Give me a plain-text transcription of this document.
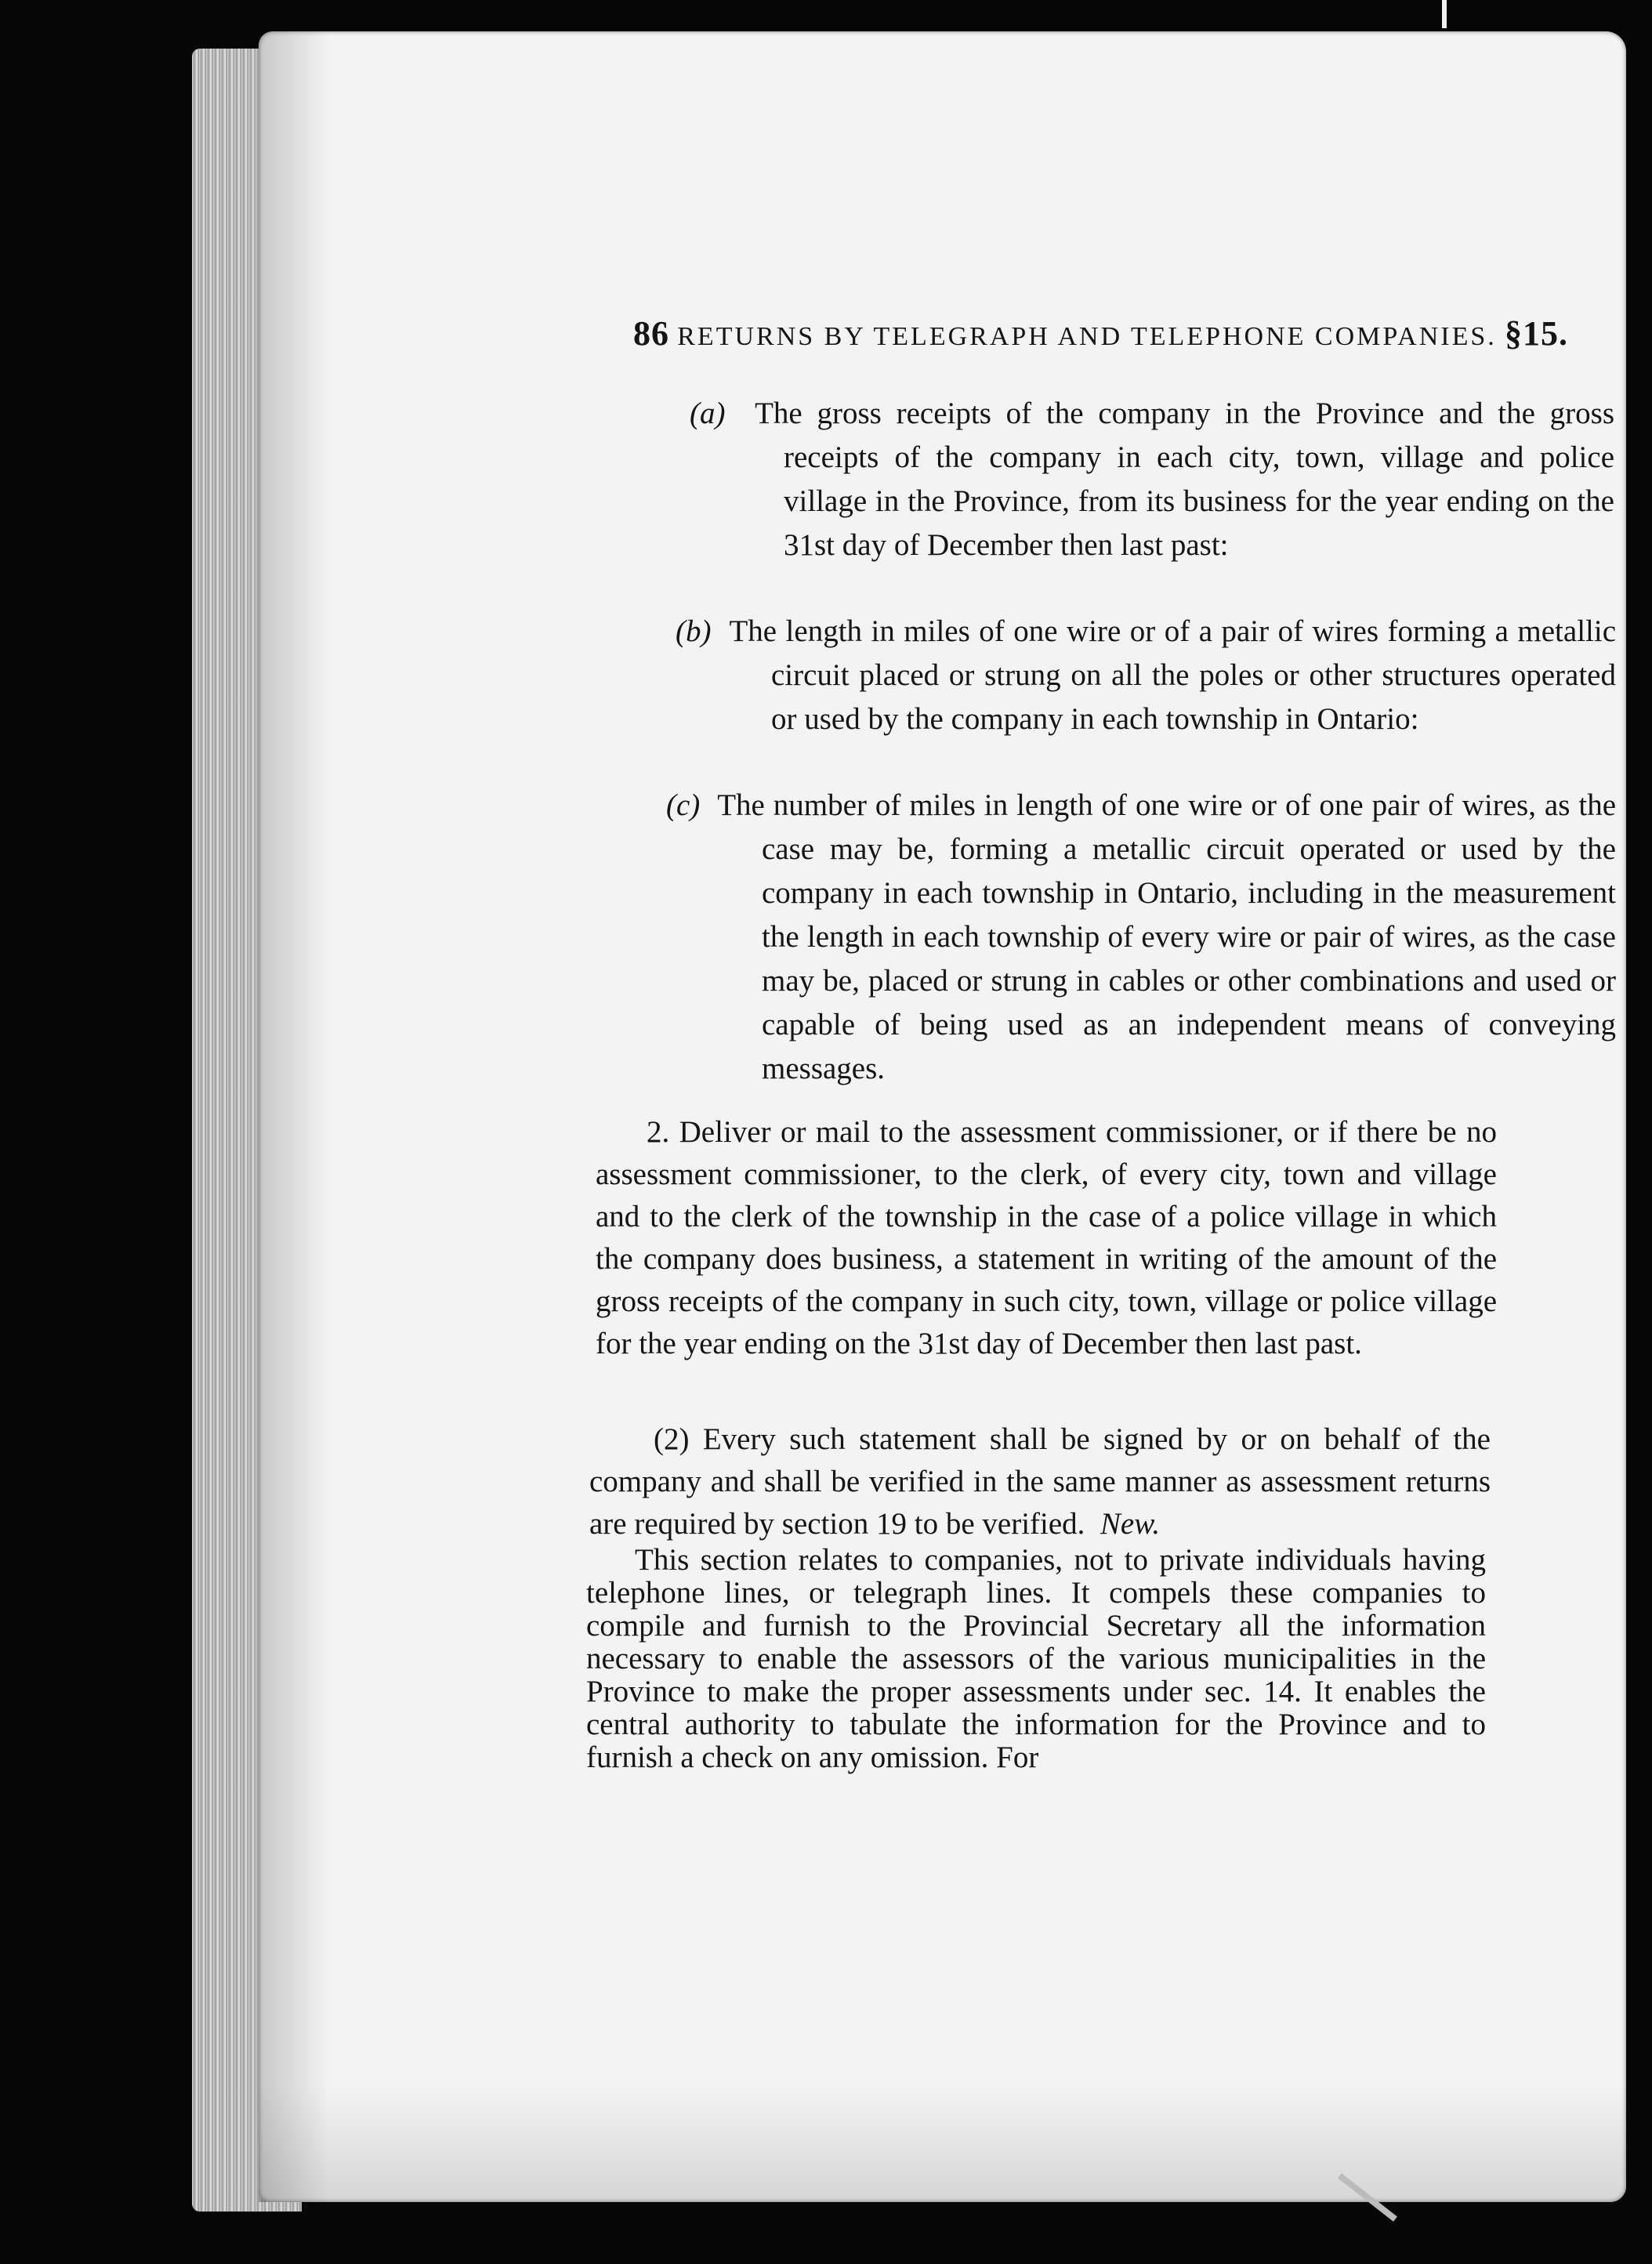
86 RETURNS BY TELEGRAPH AND TELEPHONE COMPANIES. §15.

(a) The gross receipts of the company in the Province and the gross receipts of the company in each city, town, village and police village in the Province, from its business for the year ending on the 31st day of December then last past:

(b) The length in miles of one wire or of a pair of wires forming a metallic circuit placed or strung on all the poles or other structures operated or used by the company in each township in Ontario:

(c) The number of miles in length of one wire or of one pair of wires, as the case may be, forming a metallic circuit operated or used by the company in each township in Ontario, including in the measurement the length in each township of every wire or pair of wires, as the case may be, placed or strung in cables or other combinations and used or capable of being used as an independent means of conveying messages.

2. Deliver or mail to the assessment commissioner, or if there be no assessment commissioner, to the clerk, of every city, town and village and to the clerk of the township in the case of a police village in which the company does business, a statement in writing of the amount of the gross receipts of the company in such city, town, village or police village for the year ending on the 31st day of December then last past.

(2) Every such statement shall be signed by or on behalf of the company and shall be verified in the same manner as assessment returns are required by section 19 to be verified. New.

This section relates to companies, not to private individuals having telephone lines, or telegraph lines. It compels these companies to compile and furnish to the Provincial Secretary all the information necessary to enable the assessors of the various municipalities in the Province to make the proper assessments under sec. 14. It enables the central authority to tabulate the information for the Province and to furnish a check on any omission. For
